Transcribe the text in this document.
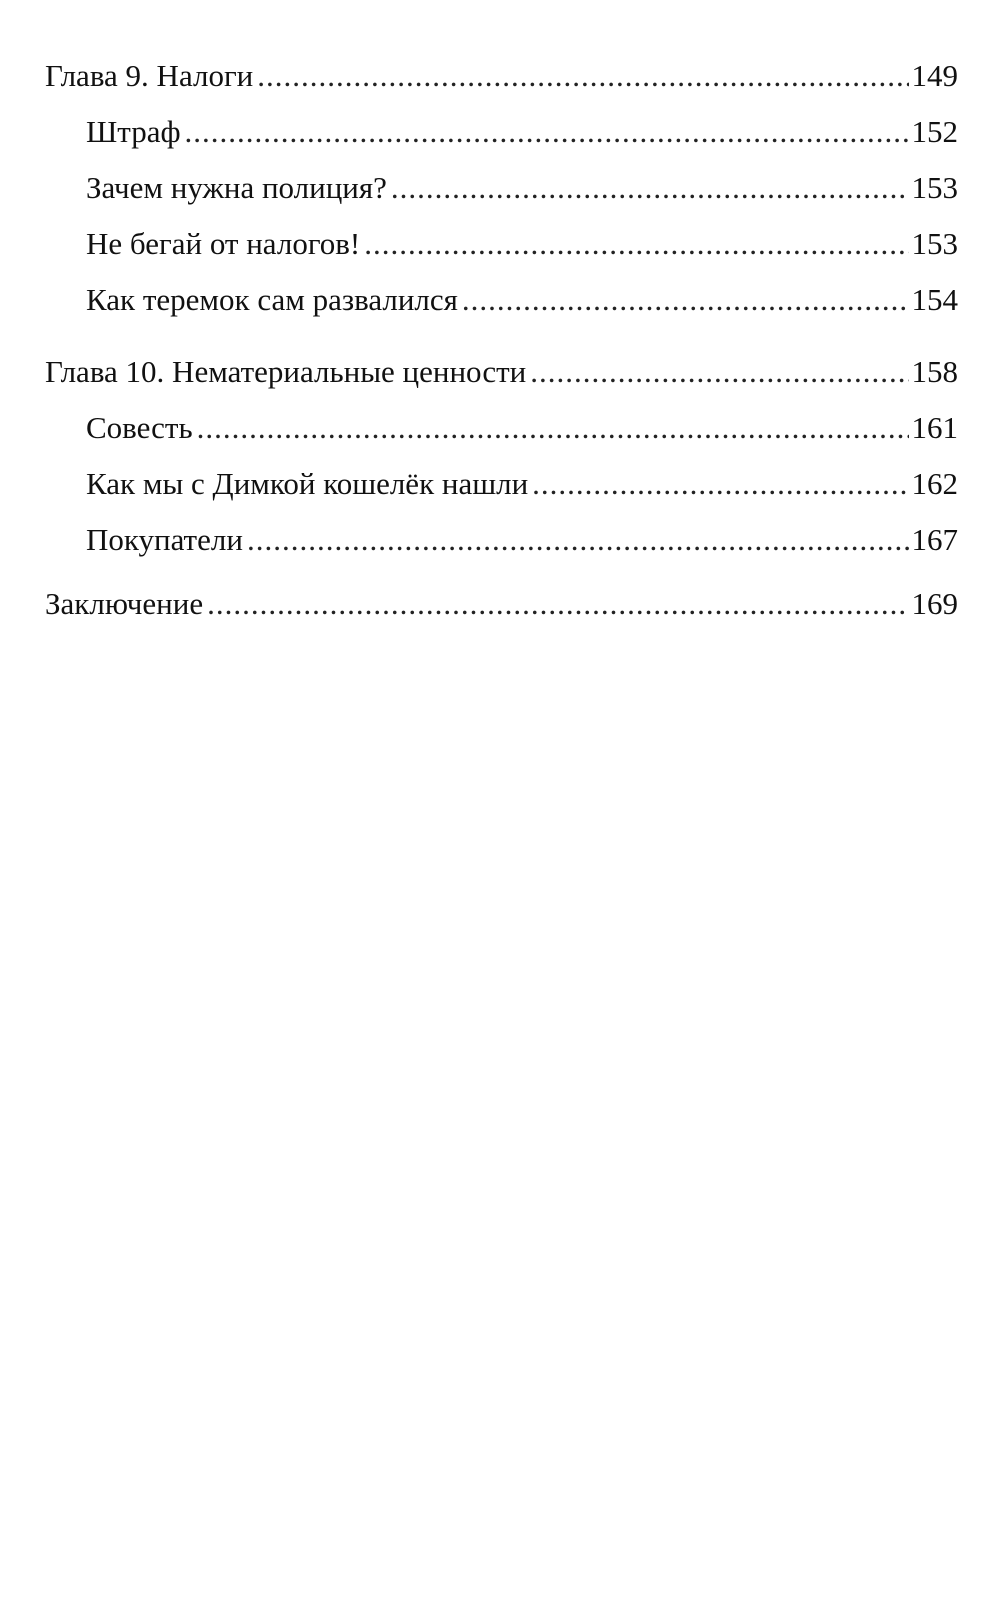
Глава 9. Налоги .....	149
Штраф .....	152
Зачем нужна полиция? .....	153
Не бегай от налогов! .....	153
Как теремок сам развалился .....	154
Глава 10. Нематериальные ценности .....	158
Совесть .....	161
Как мы с Димкой кошелёк нашли .....	162
Покупатели .....	167
Заключение .....	169
